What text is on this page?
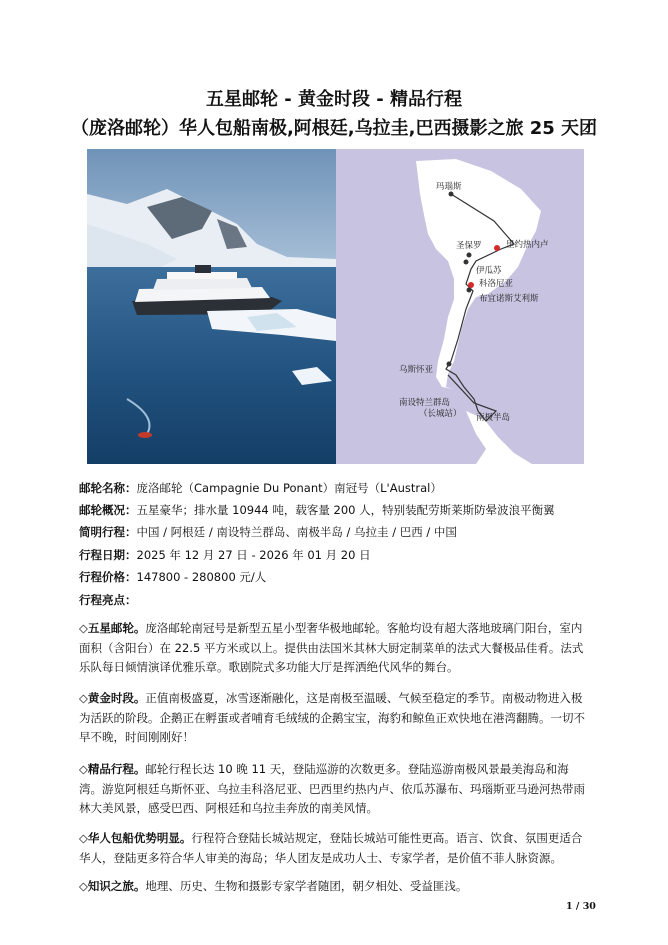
五星邮轮 - 黄金时段 - 精品行程
（庞洛邮轮）华人包船南极,阿根廷,乌拉圭,巴西摄影之旅 25 天团
玛瑙斯
圣保罗	里约热内卢
伊瓜苏
科洛尼亚
布宜诺斯艾利斯
乌斯怀亚
南设特兰群岛
（长城站） 南极半岛
邮轮名称：庞洛邮轮（Campagnie Du Ponant）南冠号（L'Austral）
邮轮概况：五星豪华；排水量 10944 吨，载客量 200 人，特别装配劳斯莱斯防晕波浪平衡翼
简明行程：中国 / 阿根廷 / 南设特兰群岛、南极半岛 / 乌拉圭 / 巴西 / 中国
行程日期：2025 年 12 月 27 日 - 2026 年 01 月 20 日
行程价格：147800 - 280800 元/人
行程亮点：
◇五星邮轮。庞洛邮轮南冠号是新型五星小型奢华极地邮轮。客舱均设有超大落地玻璃门阳台，室内面积（含阳台）在 22.5 平方米或以上。提供由法国米其林大厨定制菜单的法式大餐极品佳肴。法式乐队每日倾情演译优雅乐章。歌剧院式多功能大厅是挥洒绝代风华的舞台。
◇黄金时段。正值南极盛夏，冰雪逐渐融化，这是南极至温暖、气候至稳定的季节。南极动物进入极为活跃的阶段。企鹅正在孵蛋或者哺育毛绒绒的企鹅宝宝，海豹和鲸鱼正欢快地在港湾翻腾。一切不早不晚，时间刚刚好！
◇精品行程。邮轮行程长达 10 晚 11 天，登陆巡游的次数更多。登陆巡游南极风景最美海岛和海湾。游览阿根廷乌斯怀亚、乌拉圭科洛尼亚、巴西里约热内卢、依瓜苏瀑布、玛瑙斯亚马逊河热带雨林大美风景，感受巴西、阿根廷和乌拉圭奔放的南美风情。
◇华人包船优势明显。行程符合登陆长城站规定，登陆长城站可能性更高。语言、饮食、氛围更适合华人，登陆更多符合华人审美的海岛；华人团友是成功人士、专家学者，是价值不菲人脉资源。
◇知识之旅。地理、历史、生物和摄影专家学者随团，朝夕相处、受益匪浅。
1 / 30
